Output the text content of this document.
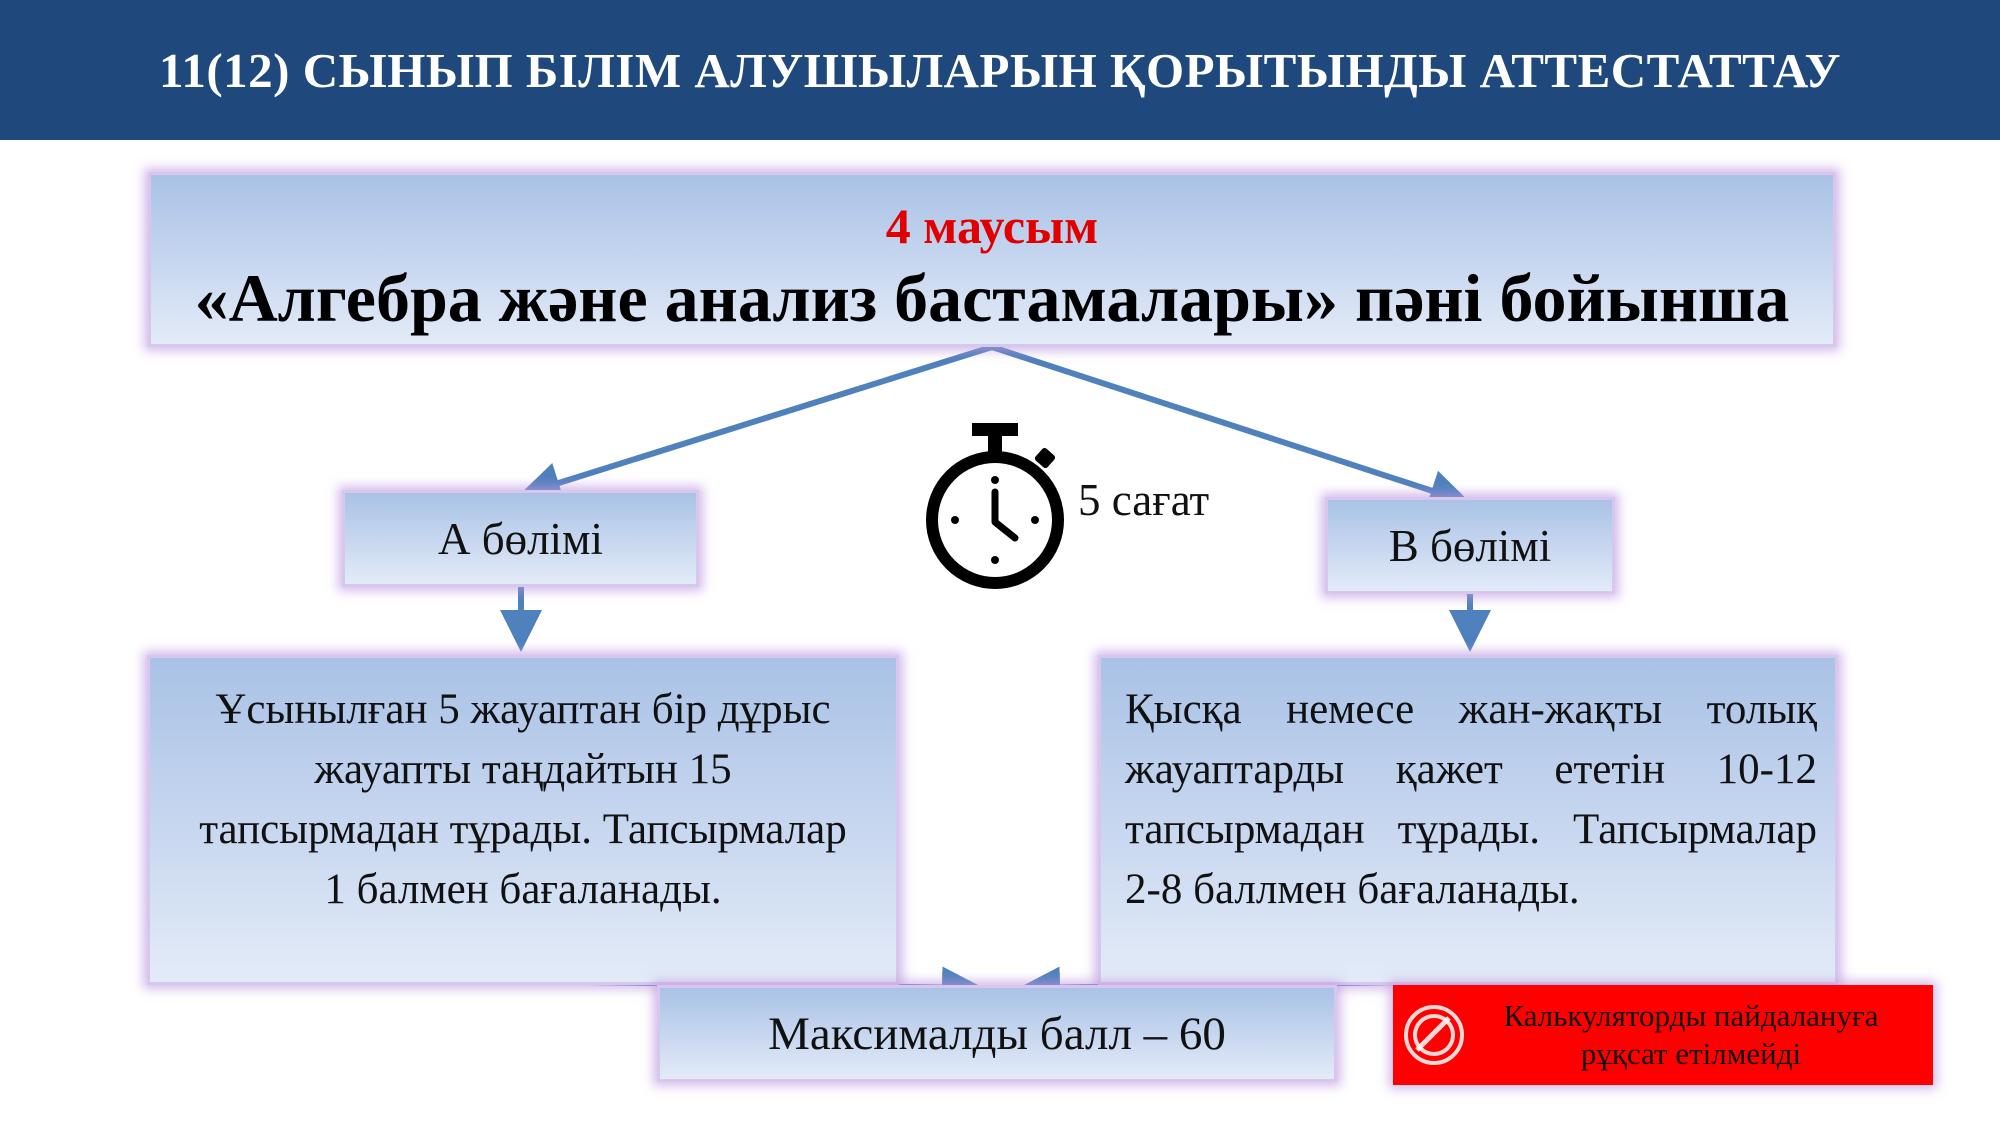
11(12) СЫНЫП БІЛІМ АЛУШЫЛАРЫН ҚОРЫТЫНДЫ АТТЕСТАТТАУ
4 маусым
«Алгебра және анализ бастамалары» пәні бойынша
А бөлімі	В бөлімі
5 сағат
Ұсынылған 5 жауаптан бір дұрыс жауапты таңдайтын 15 тапсырмадан тұрады. Тапсырмалар 1 балмен бағаланады.
Қысқа немесе жан-жақты толық жауаптарды қажет ететін 10-12 тапсырмадан тұрады. Тапсырмалар 2-8 баллмен бағаланады.
Максималды балл – 60	Калькуляторды пайдалануға рұқсат етілмейді
